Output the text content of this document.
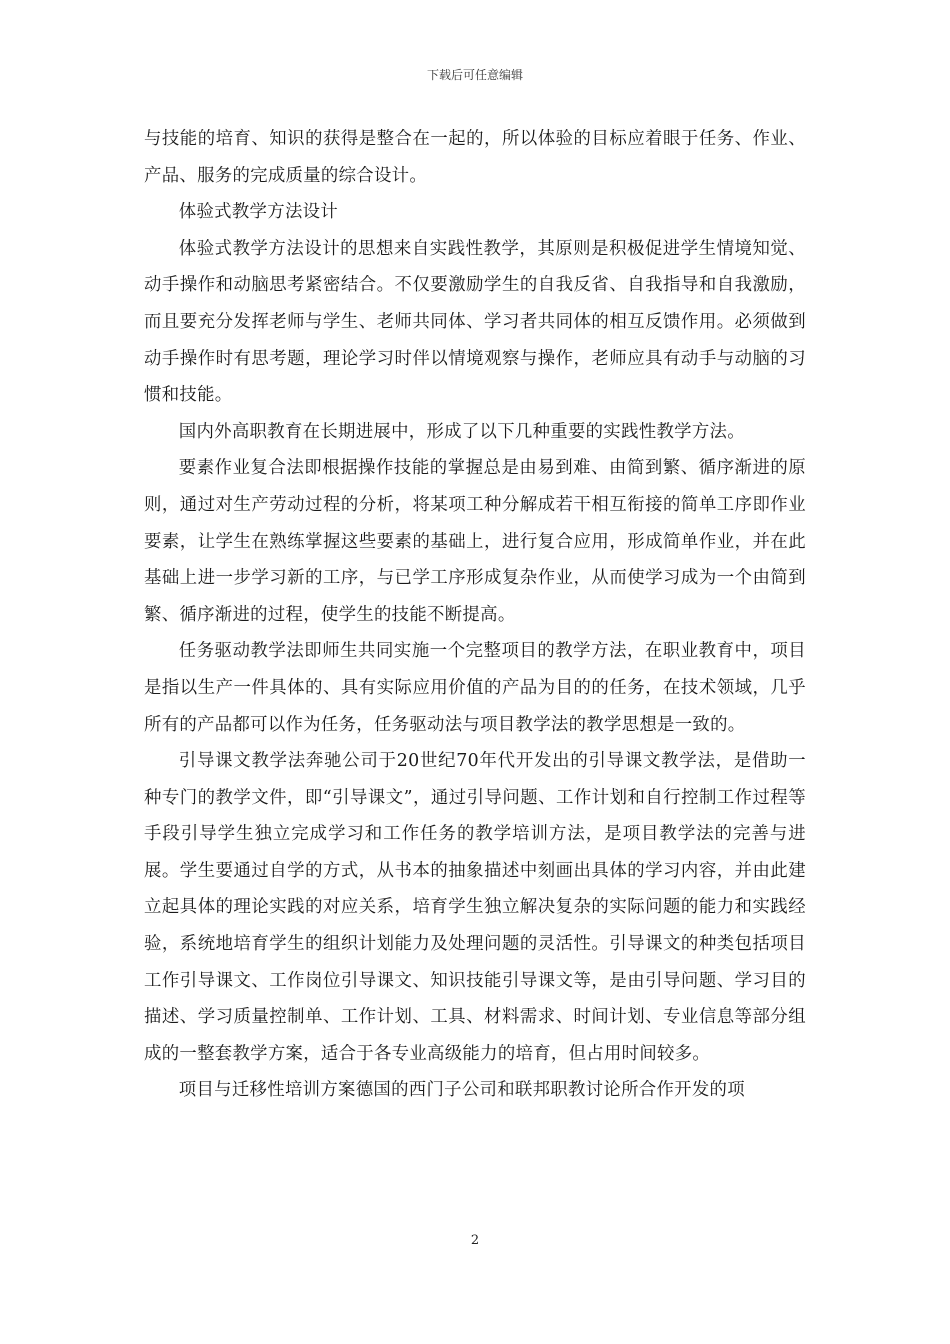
下载后可任意编辑

与技能的培育、知识的获得是整合在一起的，所以体验的目标应着眼于任务、作业、产品、服务的完成质量的综合设计。

体验式教学方法设计

体验式教学方法设计的思想来自实践性教学，其原则是积极促进学生情境知觉、动手操作和动脑思考紧密结合。不仅要激励学生的自我反省、自我指导和自我激励，而且要充分发挥老师与学生、老师共同体、学习者共同体的相互反馈作用。必须做到动手操作时有思考题，理论学习时伴以情境观察与操作，老师应具有动手与动脑的习惯和技能。

国内外高职教育在长期进展中，形成了以下几种重要的实践性教学方法。

要素作业复合法即根据操作技能的掌握总是由易到难、由简到繁、循序渐进的原则，通过对生产劳动过程的分析，将某项工种分解成若干相互衔接的简单工序即作业要素，让学生在熟练掌握这些要素的基础上，进行复合应用，形成简单作业，并在此基础上进一步学习新的工序，与已学工序形成复杂作业，从而使学习成为一个由简到繁、循序渐进的过程，使学生的技能不断提高。

任务驱动教学法即师生共同实施一个完整项目的教学方法，在职业教育中，项目是指以生产一件具体的、具有实际应用价值的产品为目的的任务，在技术领域，几乎所有的产品都可以作为任务，任务驱动法与项目教学法的教学思想是一致的。

引导课文教学法奔驰公司于20世纪70年代开发出的引导课文教学法，是借助一种专门的教学文件，即“引导课文”，通过引导问题、工作计划和自行控制工作过程等手段引导学生独立完成学习和工作任务的教学培训方法，是项目教学法的完善与进展。学生要通过自学的方式，从书本的抽象描述中刻画出具体的学习内容，并由此建立起具体的理论实践的对应关系，培育学生独立解决复杂的实际问题的能力和实践经验，系统地培育学生的组织计划能力及处理问题的灵活性。引导课文的种类包括项目工作引导课文、工作岗位引导课文、知识技能引导课文等，是由引导问题、学习目的描述、学习质量控制单、工作计划、工具、材料需求、时间计划、专业信息等部分组成的一整套教学方案，适合于各专业高级能力的培育，但占用时间较多。

项目与迁移性培训方案德国的西门子公司和联邦职教讨论所合作开发的项

2
